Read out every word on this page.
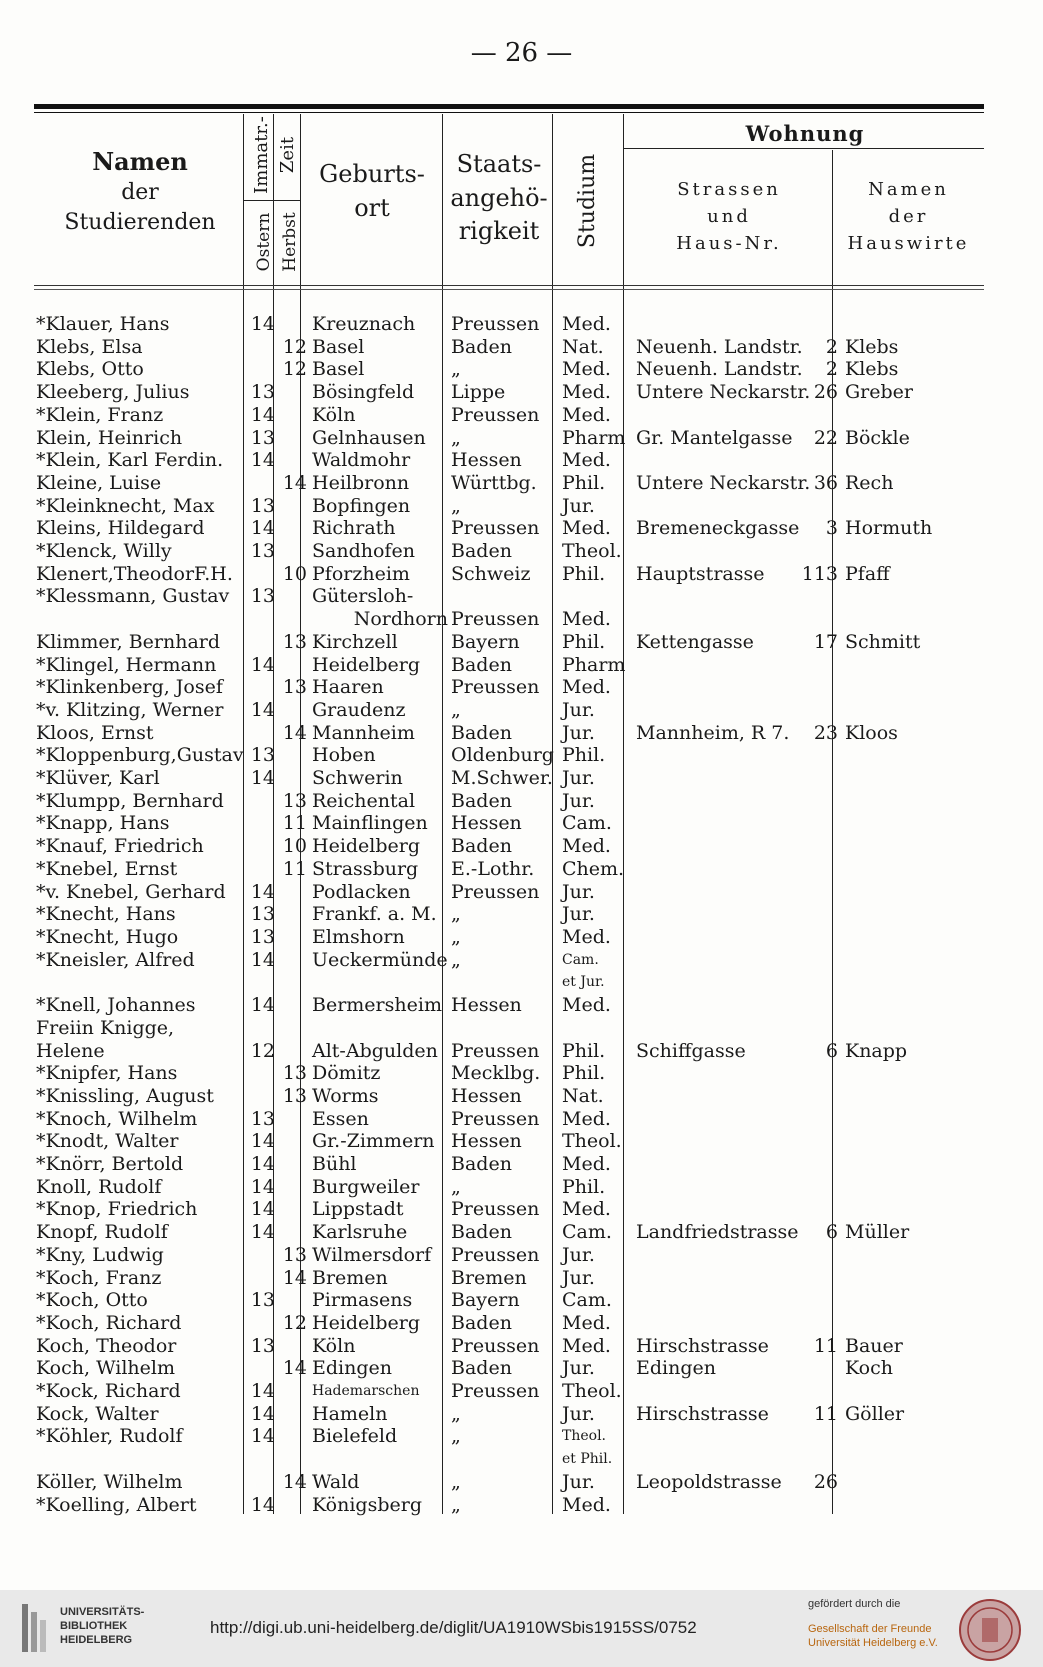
— 26 —
Namen
der
Studierenden
Immatr.- Zeit
Ostern Herbst
Geburts-
ort
Staats-
angehö-
rigkeit	Studium
Wohnung
Strassen
und
Haus-Nr.
Namen
der
Hauswirte
*Klauer, Hans	14		Kreuznach	Preussen	Med.	

Klebs, Elsa		12	Basel	Baden	Nat.	Neuenh. Landstr. 2	Klebs
Klebs, Otto		12	Basel	„	Med.	Neuenh. Landstr. 2	Klebs
Kleeberg, Julius	13		Bösingfeld	Lippe	Med.	Untere Neckarstr. 26	Greber
*Klein, Franz	14		Köln	Preussen	Med.	

Klein, Heinrich	13		Gelnhausen	„	Pharm	Gr. Mantelgasse 22	Böckle
*Klein, Karl Ferdin.	14		Waldmohr	Hessen	Med.	

Kleine, Luise		14	Heilbronn	Württbg.	Phil.	Untere Neckarstr. 36	Rech
*Kleinknecht, Max	13		Bopfingen	„	Jur.	

Kleins, Hildegard	14		Richrath	Preussen	Med.	Bremeneckgasse 3	Hormuth
*Klenck, Willy	13		Sandhofen	Baden	Theol.	

Klenert,TheodorF.H.		10	Pforzheim	Schweiz	Phil.	Hauptstrasse 113	Pfaff
*Klessmann, Gustav	13		Gütersloh-			

			Nordhorn	Preussen	Med.	

Klimmer, Bernhard		13	Kirchzell	Bayern	Phil.	Kettengasse 17	Schmitt
*Klingel, Hermann	14		Heidelberg	Baden	Pharm	

*Klinkenberg, Josef		13	Haaren	Preussen	Med.	

*v. Klitzing, Werner	14		Graudenz	„	Jur.	

Kloos, Ernst		14	Mannheim	Baden	Jur.	Mannheim, R 7. 23	Kloos
*Kloppenburg,Gustav	13		Hoben	Oldenburg	Phil.	

*Klüver, Karl	14		Schwerin	M.Schwer.	Jur.	

*Klumpp, Bernhard		13	Reichental	Baden	Jur.	

*Knapp, Hans		11	Mainflingen	Hessen	Cam.	

*Knauf, Friedrich		10	Heidelberg	Baden	Med.	

*Knebel, Ernst		11	Strassburg	E.-Lothr.	Chem.	

*v. Knebel, Gerhard	14		Podlacken	Preussen	Jur.	

*Knecht, Hans	13		Frankf. a. M.	„	Jur.	

*Knecht, Hugo	13		Elmshorn	„	Med.	

*Kneisler, Alfred	14		Ueckermünde	„	Cam.	

					et Jur.	

*Knell, Johannes	14		Bermersheim	Hessen	Med.	

Freiin Knigge,						

Helene	12		Alt-Abgulden	Preussen	Phil.	Schiffgasse 6	Knapp
*Knipfer, Hans		13	Dömitz	Mecklbg.	Phil.	

*Knissling, August		13	Worms	Hessen	Nat.	

*Knoch, Wilhelm	13		Essen	Preussen	Med.	

*Knodt, Walter	14		Gr.-Zimmern	Hessen	Theol.	

*Knörr, Bertold	14		Bühl	Baden	Med.	

Knoll, Rudolf	14		Burgweiler	„	Phil.	

*Knop, Friedrich	14		Lippstadt	Preussen	Med.	

Knopf, Rudolf	14		Karlsruhe	Baden	Cam.	Landfriedstrasse 6	Müller
*Kny, Ludwig		13	Wilmersdorf	Preussen	Jur.	

*Koch, Franz		14	Bremen	Bremen	Jur.	

*Koch, Otto	13		Pirmasens	Bayern	Cam.	

*Koch, Richard		12	Heidelberg	Baden	Med.	

Koch, Theodor	13		Köln	Preussen	Med.	Hirschstrasse 11	Bauer
Koch, Wilhelm		14	Edingen	Baden	Jur.	Edingen	Koch
*Kock, Richard	14		Hademarschen	Preussen	Theol.	

Kock, Walter	14		Hameln	„	Jur.	Hirschstrasse 11	Göller
*Köhler, Rudolf	14		Bielefeld	„	Theol.	

					et Phil.	

Köller, Wilhelm		14	Wald	„	Jur.	Leopoldstrasse 26	

*Koelling, Albert	14		Königsberg	„	Med.	

UNIVERSITÄTS-
BIBLIOTHEK
HEIDELBERG
http://digi.ub.uni-heidelberg.de/diglit/UA1910WSbis1915SS/0752
gefördert durch die
Gesellschaft der Freunde
Universität Heidelberg e.V.
